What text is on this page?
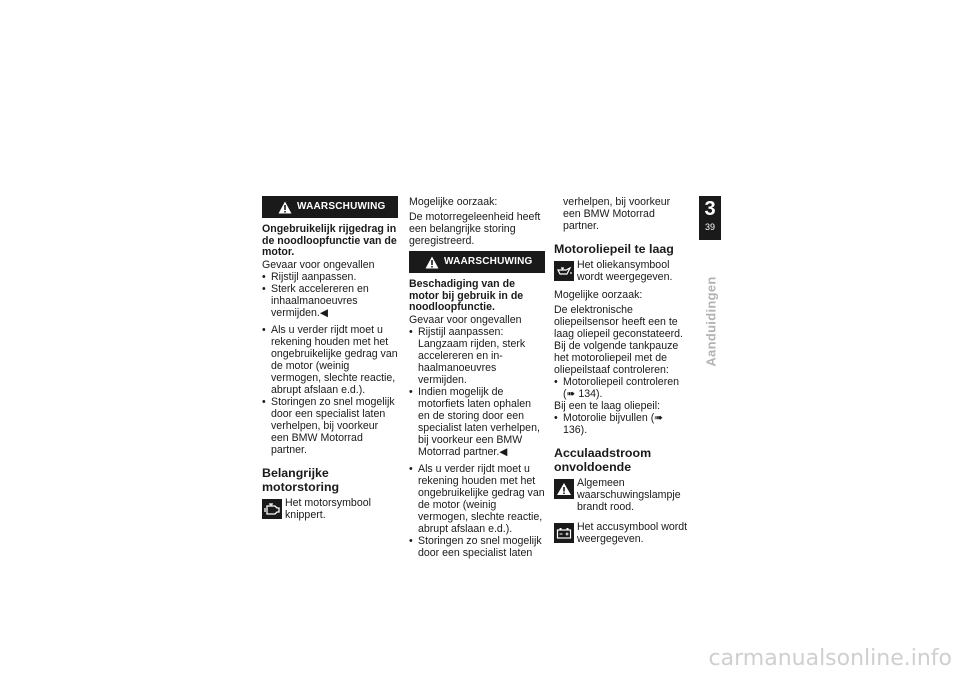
WAARSCHUWING

Ongebruikelijk rijgedrag in de noodloopfunctie van de motor.

Gevaar voor ongevallen

• Rijstijl aanpassen.
• Sterk accelereren en inhaalmanoeuvres vermijden.◀
• Als u verder rijdt moet u rekening houden met het ongebruikelijke gedrag van de motor (weinig vermogen, slechte reactie, abrupt afslaan e.d.).
• Storingen zo snel mogelijk door een specialist laten verhelpen, bij voorkeur een BMW Motorrad partner.
Belangrijke motorstoring
Het motorsymbool knippert.

Mogelijke oorzaak:

De motorregeleenheid heeft een belangrijke storing geregistreerd.

WAARSCHUWING

Beschadiging van de motor bij gebruik in de noodloopfunctie.

Gevaar voor ongevallen

• Rijstijl aanpassen: Langzaam rijden, sterk accelereren en inhaalmanoeuvres vermijden.
• Indien mogelijk de motorfiets laten ophalen en de storing door een specialist laten verhelpen, bij voorkeur een BMW Motorrad partner.◀
• Als u verder rijdt moet u rekening houden met het ongebruikelijke gedrag van de motor (weinig vermogen, slechte reactie, abrupt afslaan e.d.).
• Storingen zo snel mogelijk door een specialist laten

verhelpen, bij voorkeur een BMW Motorrad partner.

Motoroliepeil te laag
Het oliekansymbool wordt weergegeven.

Mogelijke oorzaak:

De elektronische oliepeilsensor heeft een te laag oliepeil geconstateerd. Bij de volgende tankpauze het motoroliepeil met de oliepeilstaaf controleren:

• Motoroliepeil controleren
(➠ 134).

Bij een te laag oliepeil:

• Motorolie bijvullen (➠ 136).
Acculaadstroom onvoldoende
Algemeen waarschuwingslampje brandt rood.
Het accusymbool wordt weergegeven.
3
39
Aanduidingen
carmanualsonline.info
